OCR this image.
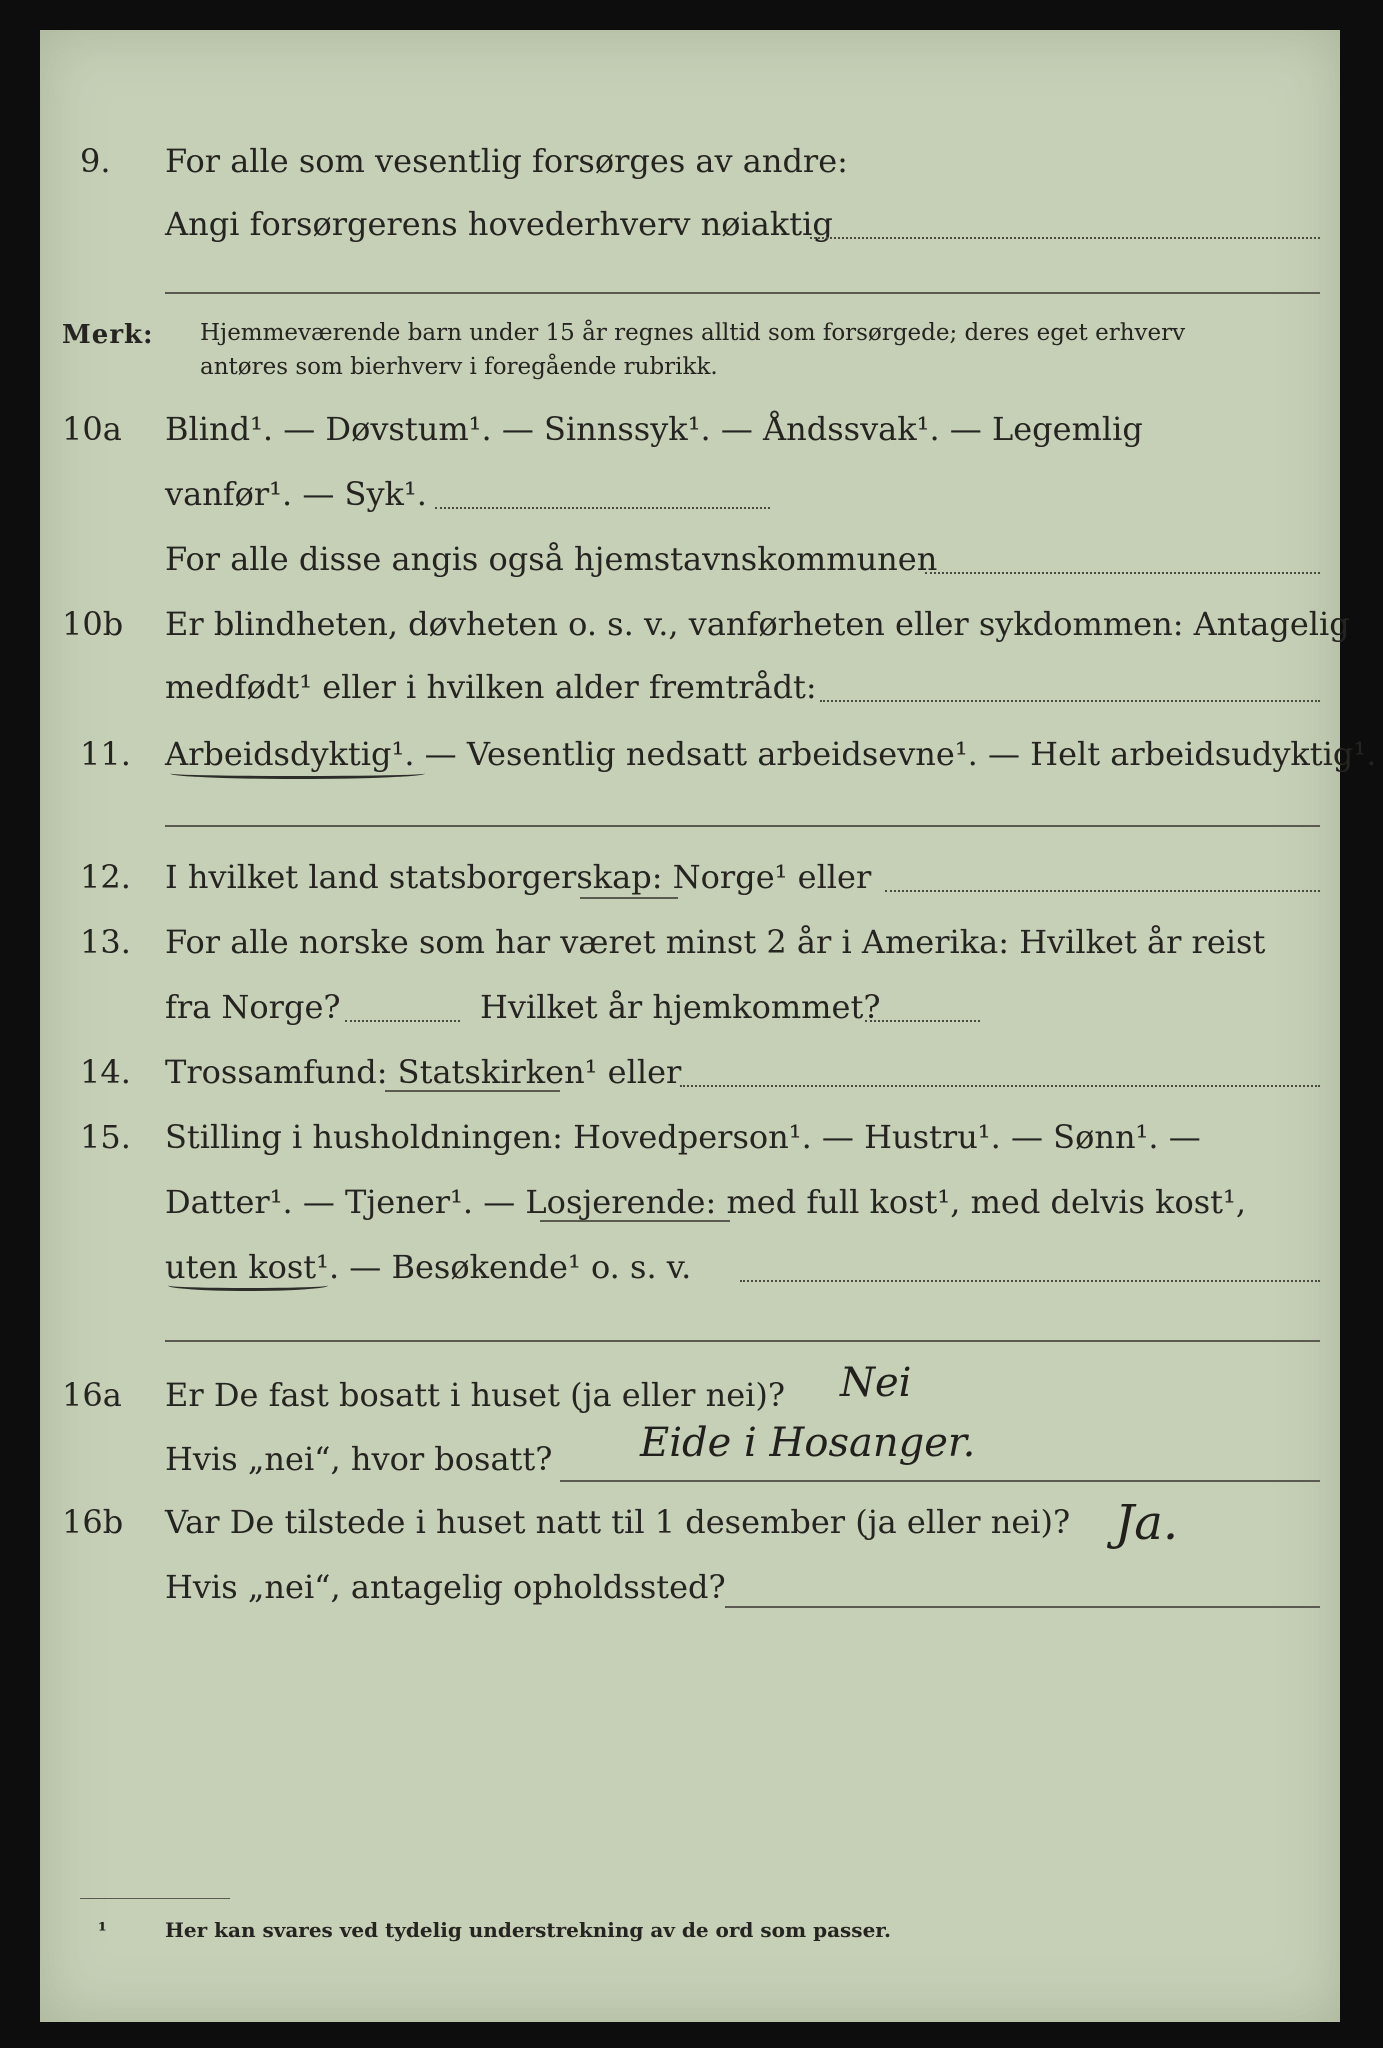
9. For alle som vesentlig forsørges av andre:
Angi forsørgerens hovederhverv nøiaktig
Merk: Hjemmeværende barn under 15 år regnes alltid som forsørgede; deres eget erhverv
antøres som bierhverv i foregående rubrikk.
10a Blind¹. — Døvstum¹. — Sinnssyk¹. — Åndssvak¹. — Legemlig
vanfør¹. — Syk¹.
For alle disse angis også hjemstavnskommunen
10b Er blindheten, døvheten o. s. v., vanførheten eller sykdommen: Antagelig
medfødt¹ eller i hvilken alder fremtrådt:
11. Arbeidsdyktig¹. — Vesentlig nedsatt arbeidsevne¹. — Helt arbeidsudyktig¹.
12. I hvilket land statsborgerskap: Norge¹ eller
13. For alle norske som har været minst 2 år i Amerika: Hvilket år reist
fra Norge?	Hvilket år hjemkommet?
14. Trossamfund: Statskirken¹ eller
15. Stilling i husholdningen: Hovedperson¹. — Hustru¹. — Sønn¹. —
Datter¹. — Tjener¹. — Losjerende: med full kost¹, med delvis kost¹,
uten kost¹. — Besøkende¹ o. s. v.
16a Er De fast bosatt i huset (ja eller nei)? Nei
Hvis „nei“, hvor bosatt? Eide i Hosanger.
16b Var De tilstede i huset natt til 1 desember (ja eller nei)? Ja.
Hvis „nei“, antagelig opholdssted?
¹	Her kan svares ved tydelig understrekning av de ord som passer.
